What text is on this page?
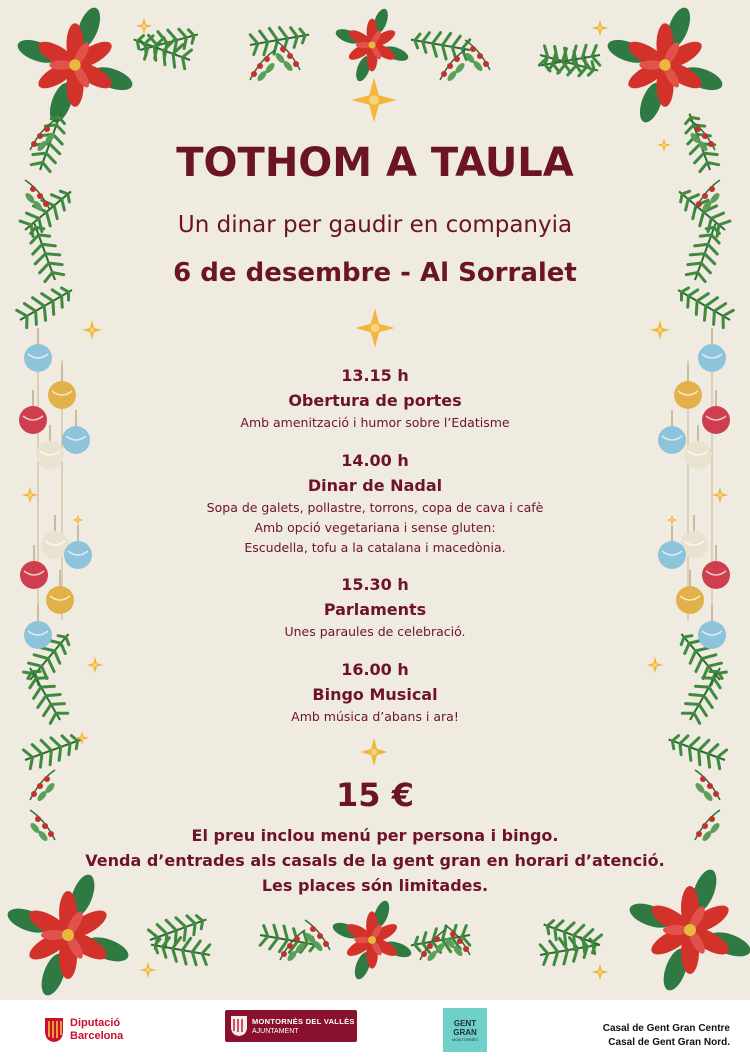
TOTHOM A TAULA
Un dinar per gaudir en companyia
6 de desembre - Al Sorralet
13.15 h
Obertura de portes
Amb amenització i humor sobre l’Edatisme
14.00 h
Dinar de Nadal
Sopa de galets, pollastre, torrons, copa de cava i cafè
Amb opció vegetariana i sense gluten:
Escudella, tofu a la catalana i macedònia.
15.30 h
Parlaments
Unes paraules de celebració.
16.00 h
Bingo Musical
Amb música d’abans i ara!
15 €
El preu inclou menú per persona i bingo.
Venda d’entrades als casals de la gent gran en horari d’atenció.
Les places són limitades.
Diputació
Barcelona
MONTORNÈS DEL VALLÈS
AJUNTAMENT
GENT
GRAN
MONTORNÈS
Casal de Gent Gran Centre
Casal de Gent Gran Nord.
